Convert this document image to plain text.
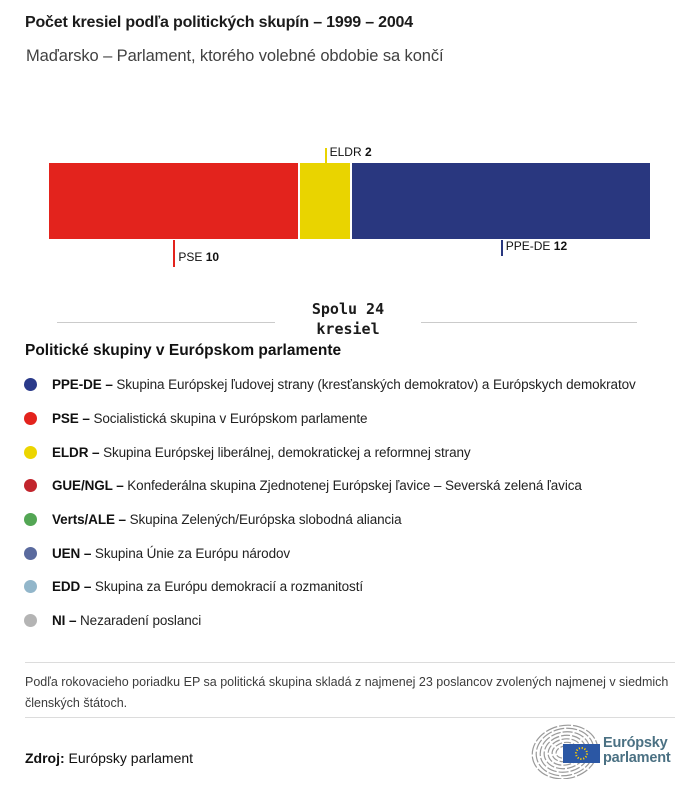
Počet kresiel podľa politických skupín – 1999 – 2004
Maďarsko – Parlament, ktorého volebné obdobie sa končí
PSE 10
ELDR 2
PPE-DE 12
Spolu 24
kresiel
Politické skupiny v Európskom parlamente
PPE-DE – Skupina Európskej ľudovej strany (kresťanských demokratov) a Európskych demokratov
PSE – Socialistická skupina v Európskom parlamente
ELDR – Skupina Európskej liberálnej, demokratickej a reformnej strany
GUE/NGL – Konfederálna skupina Zjednotenej Európskej ľavice – Severská zelená ľavica
Verts/ALE – Skupina Zelených/Európska slobodná aliancia
UEN – Skupina Únie za Európu národov
EDD – Skupina za Európu demokracií a rozmanitostí
NI – Nezaradení poslanci

Podľa rokovacieho poriadku EP sa politická skupina skladá z najmenej 23 poslancov zvolených najmenej v siedmich členských štátoch.

Zdroj: Európsky parlament
Európsky
parlament
